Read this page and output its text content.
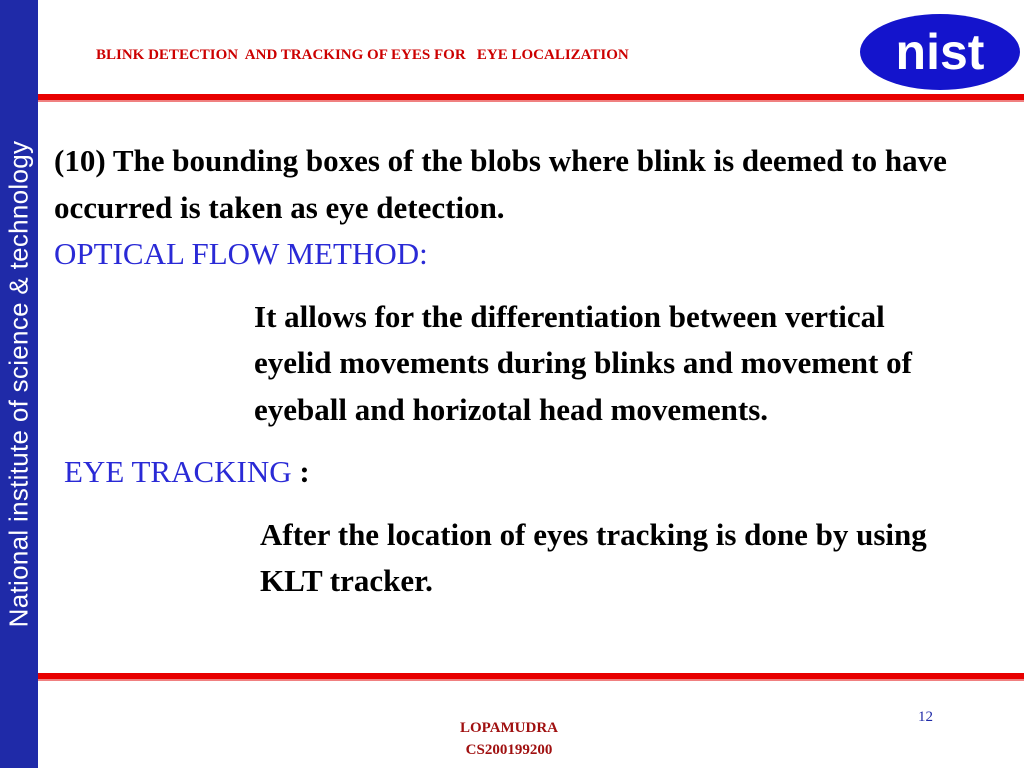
National institute of science & technology
BLINK DETECTION  AND TRACKING OF EYES FOR   EYE LOCALIZATION	nist

(10) The bounding boxes of the blobs where blink is deemed to have occurred is taken as eye detection.

OPTICAL FLOW METHOD:

It allows for the differentiation between vertical eyelid movements during blinks and movement of eyeball and horizotal head movements.

EYE TRACKING :

After the location of eyes tracking is done by using KLT tracker.

12
LOPAMUDRA
CS200199200
